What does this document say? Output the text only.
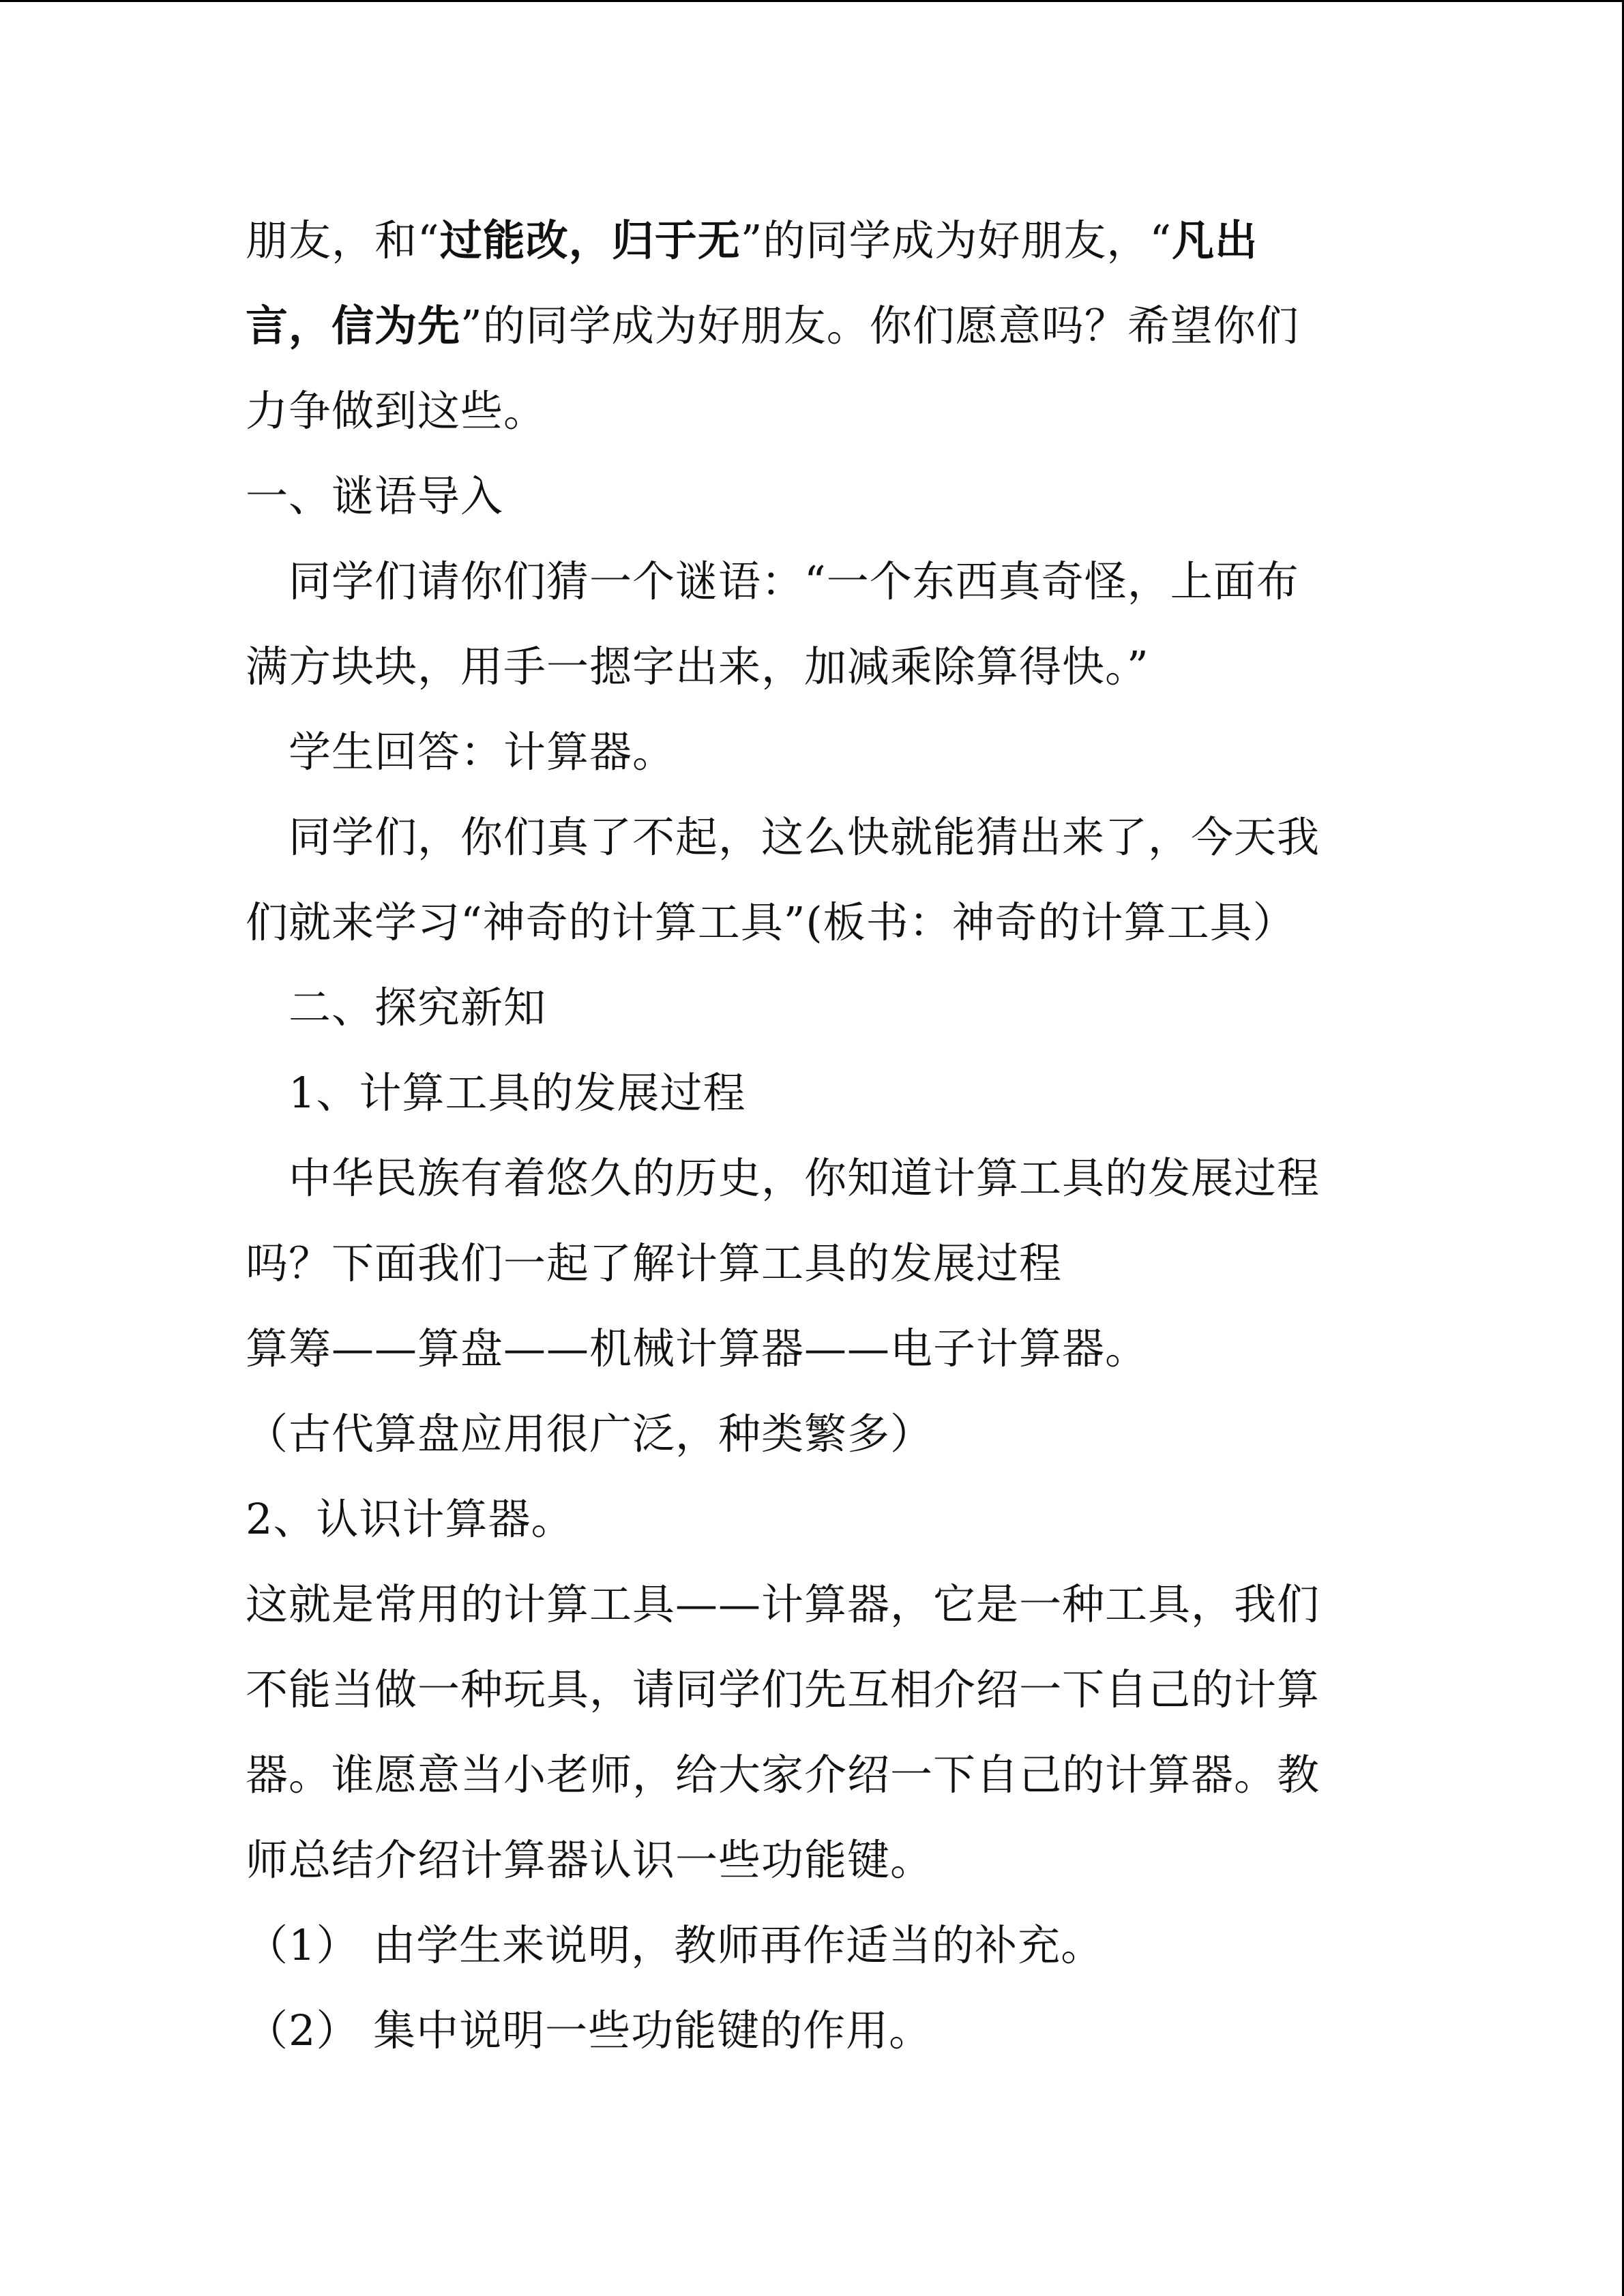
朋友，和“过能改，归于无”的同学成为好朋友，“凡出
言，信为先”的同学成为好朋友。你们愿意吗？希望你们
力争做到这些。
一、谜语导入
　同学们请你们猜一个谜语：“一个东西真奇怪，上面布
满方块块，用手一摁字出来，加减乘除算得快。”
　学生回答：计算器。
　同学们，你们真了不起，这么快就能猜出来了，今天我
们就来学习“神奇的计算工具”(板书：神奇的计算工具）
　二、探究新知
　1、计算工具的发展过程
　中华民族有着悠久的历史，你知道计算工具的发展过程
吗？下面我们一起了解计算工具的发展过程
算筹——算盘——机械计算器——电子计算器。
（古代算盘应用很广泛，种类繁多）
2、认识计算器。
这就是常用的计算工具——计算器，它是一种工具，我们
不能当做一种玩具，请同学们先互相介绍一下自己的计算
器。谁愿意当小老师，给大家介绍一下自己的计算器。教
师总结介绍计算器认识一些功能键。
（1） 由学生来说明，教师再作适当的补充。
（2） 集中说明一些功能键的作用。
